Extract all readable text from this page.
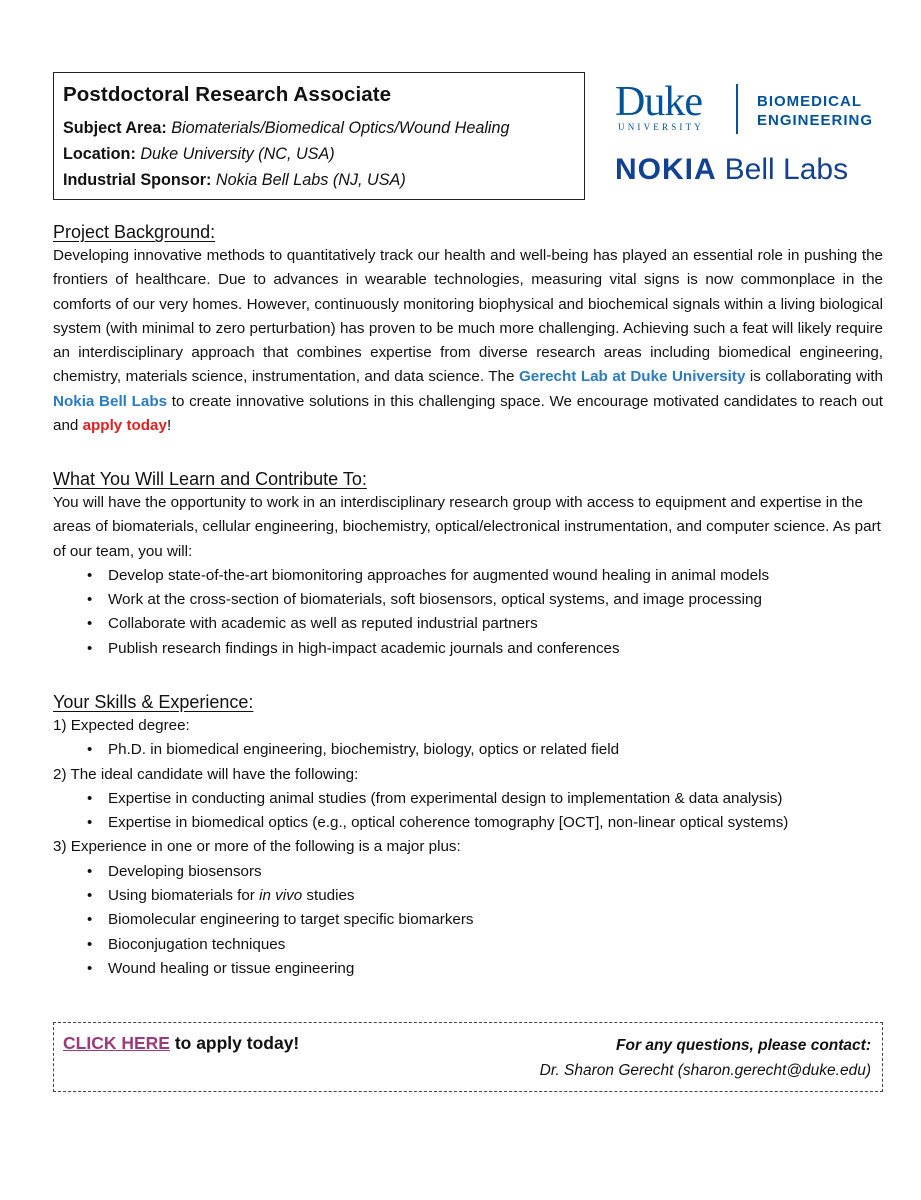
Postdoctoral Research Associate
Subject Area: Biomaterials/Biomedical Optics/Wound Healing
Location: Duke University (NC, USA)
Industrial Sponsor: Nokia Bell Labs (NJ, USA)
Duke
UNIVERSITY
BIOMEDICAL
ENGINEERING
NOKIA Bell Labs

Project Background:

Developing innovative methods to quantitatively track our health and well-being has played an essential role in pushing the frontiers of healthcare. Due to advances in wearable technologies, measuring vital signs is now commonplace in the comforts of our very homes. However, continuously monitoring biophysical and biochemical signals within a living biological system (with minimal to zero perturbation) has proven to be much more challenging. Achieving such a feat will likely require an interdisciplinary approach that combines expertise from diverse research areas including biomedical engineering, chemistry, materials science, instrumentation, and data science. The Gerecht Lab at Duke University is collaborating with Nokia Bell Labs to create innovative solutions in this challenging space. We encourage motivated candidates to reach out and apply today!

What You Will Learn and Contribute To:

You will have the opportunity to work in an interdisciplinary research group with access to equipment and expertise in the areas of biomaterials, cellular engineering, biochemistry, optical/electronical instrumentation, and computer science. As part of our team, you will:

• Develop state-of-the-art biomonitoring approaches for augmented wound healing in animal models
• Work at the cross-section of biomaterials, soft biosensors, optical systems, and image processing
• Collaborate with academic as well as reputed industrial partners
• Publish research findings in high-impact academic journals and conferences

Your Skills & Experience:

1) Expected degree:

• Ph.D. in biomedical engineering, biochemistry, biology, optics or related field

2) The ideal candidate will have the following:

• Expertise in conducting animal studies (from experimental design to implementation & data analysis)
• Expertise in biomedical optics (e.g., optical coherence tomography [OCT], non-linear optical systems)

3) Experience in one or more of the following is a major plus:

• Developing biosensors
• Using biomaterials for in vivo studies
• Biomolecular engineering to target specific biomarkers
• Bioconjugation techniques
• Wound healing or tissue engineering
CLICK HERE to apply today!	For any questions, please contact:
Dr. Sharon Gerecht (sharon.gerecht@duke.edu)
